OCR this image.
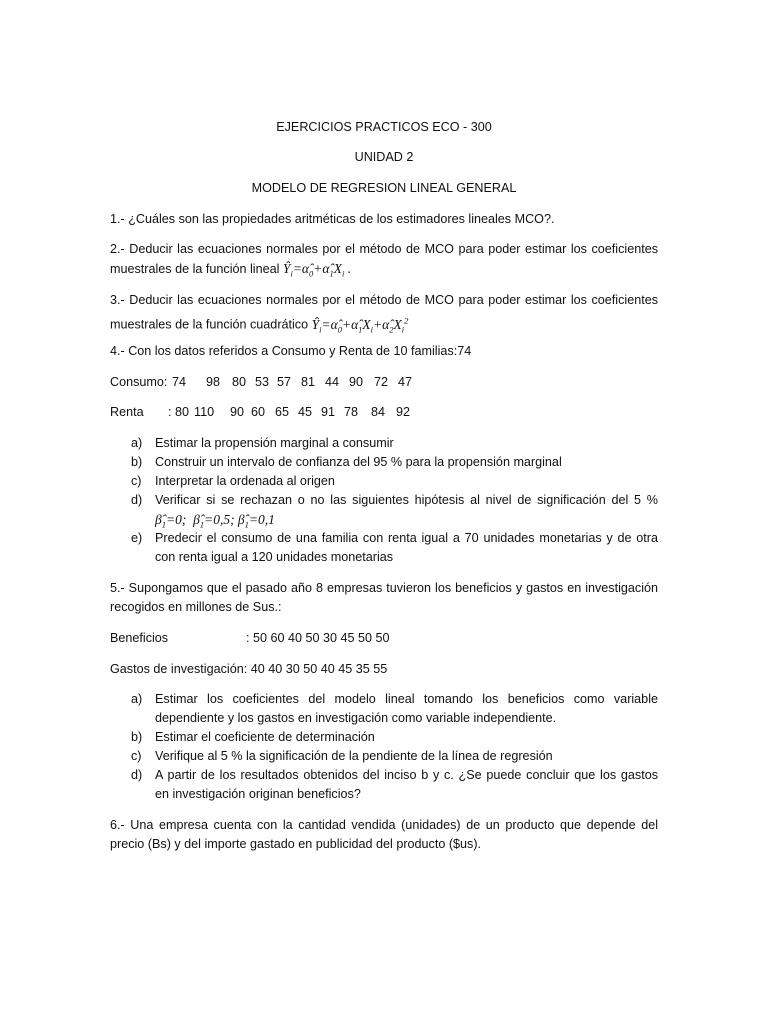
EJERCICIOS PRACTICOS ECO - 300
UNIDAD 2
MODELO DE REGRESION LINEAL GENERAL
1.- ¿Cuáles son las propiedades aritméticas de los estimadores lineales MCO?.
2.- Deducir las ecuaciones normales por el método de MCO para poder estimar los coeficientes
muestrales de la función lineal $Ŷ_i=\alphâ_0+\alphâ_1X_i$ .
3.- Deducir las ecuaciones normales por el método de MCO para poder estimar los coeficientes
muestrales de la función cuadrático $Ŷ_i=\alphâ_0+\alphâ_1X_i+\alphâ_2X_i^2$
4.- Con los datos referidos a Consumo y Renta de 10 familias:74
Consumo: 74 98 80 53 57 81 44 90 72 47
Renta : 80 110 90 60 65 45 91 78 84 92
a) Estimar la propensión marginal a consumir
b) Construir un intervalo de confianza del 95 % para la propensión marginal
c) Interpretar la ordenada al origen
d) Verificar si se rechazan o no las siguientes hipótesis al nivel de significación del 5 %
$\betâ_1=0$;  $\betâ_1=0,5$; $\betâ_1=0,1$
e) Predecir el consumo de una familia con renta igual a 70 unidades monetarias y de otra
con renta igual a 120 unidades monetarias
5.- Supongamos que el pasado año 8 empresas tuvieron los beneficios y gastos en investigación
recogidos en millones de Sus.:
Beneficios	: 50 60 40 50 30 45 50 50
Gastos de investigación: 40 40 30 50 40 45 35 55
a) Estimar los coeficientes del modelo lineal tomando los beneficios como variable
dependiente y los gastos en investigación como variable independiente.
b) Estimar el coeficiente de determinación
c) Verifique al 5 % la significación de la pendiente de la línea de regresión
d) A partir de los resultados obtenidos del inciso b y c. ¿Se puede concluir que los gastos
en investigación originan beneficios?
6.- Una empresa cuenta con la cantidad vendida (unidades) de un producto que depende del
precio (Bs) y del importe gastado en publicidad del producto ($us).
